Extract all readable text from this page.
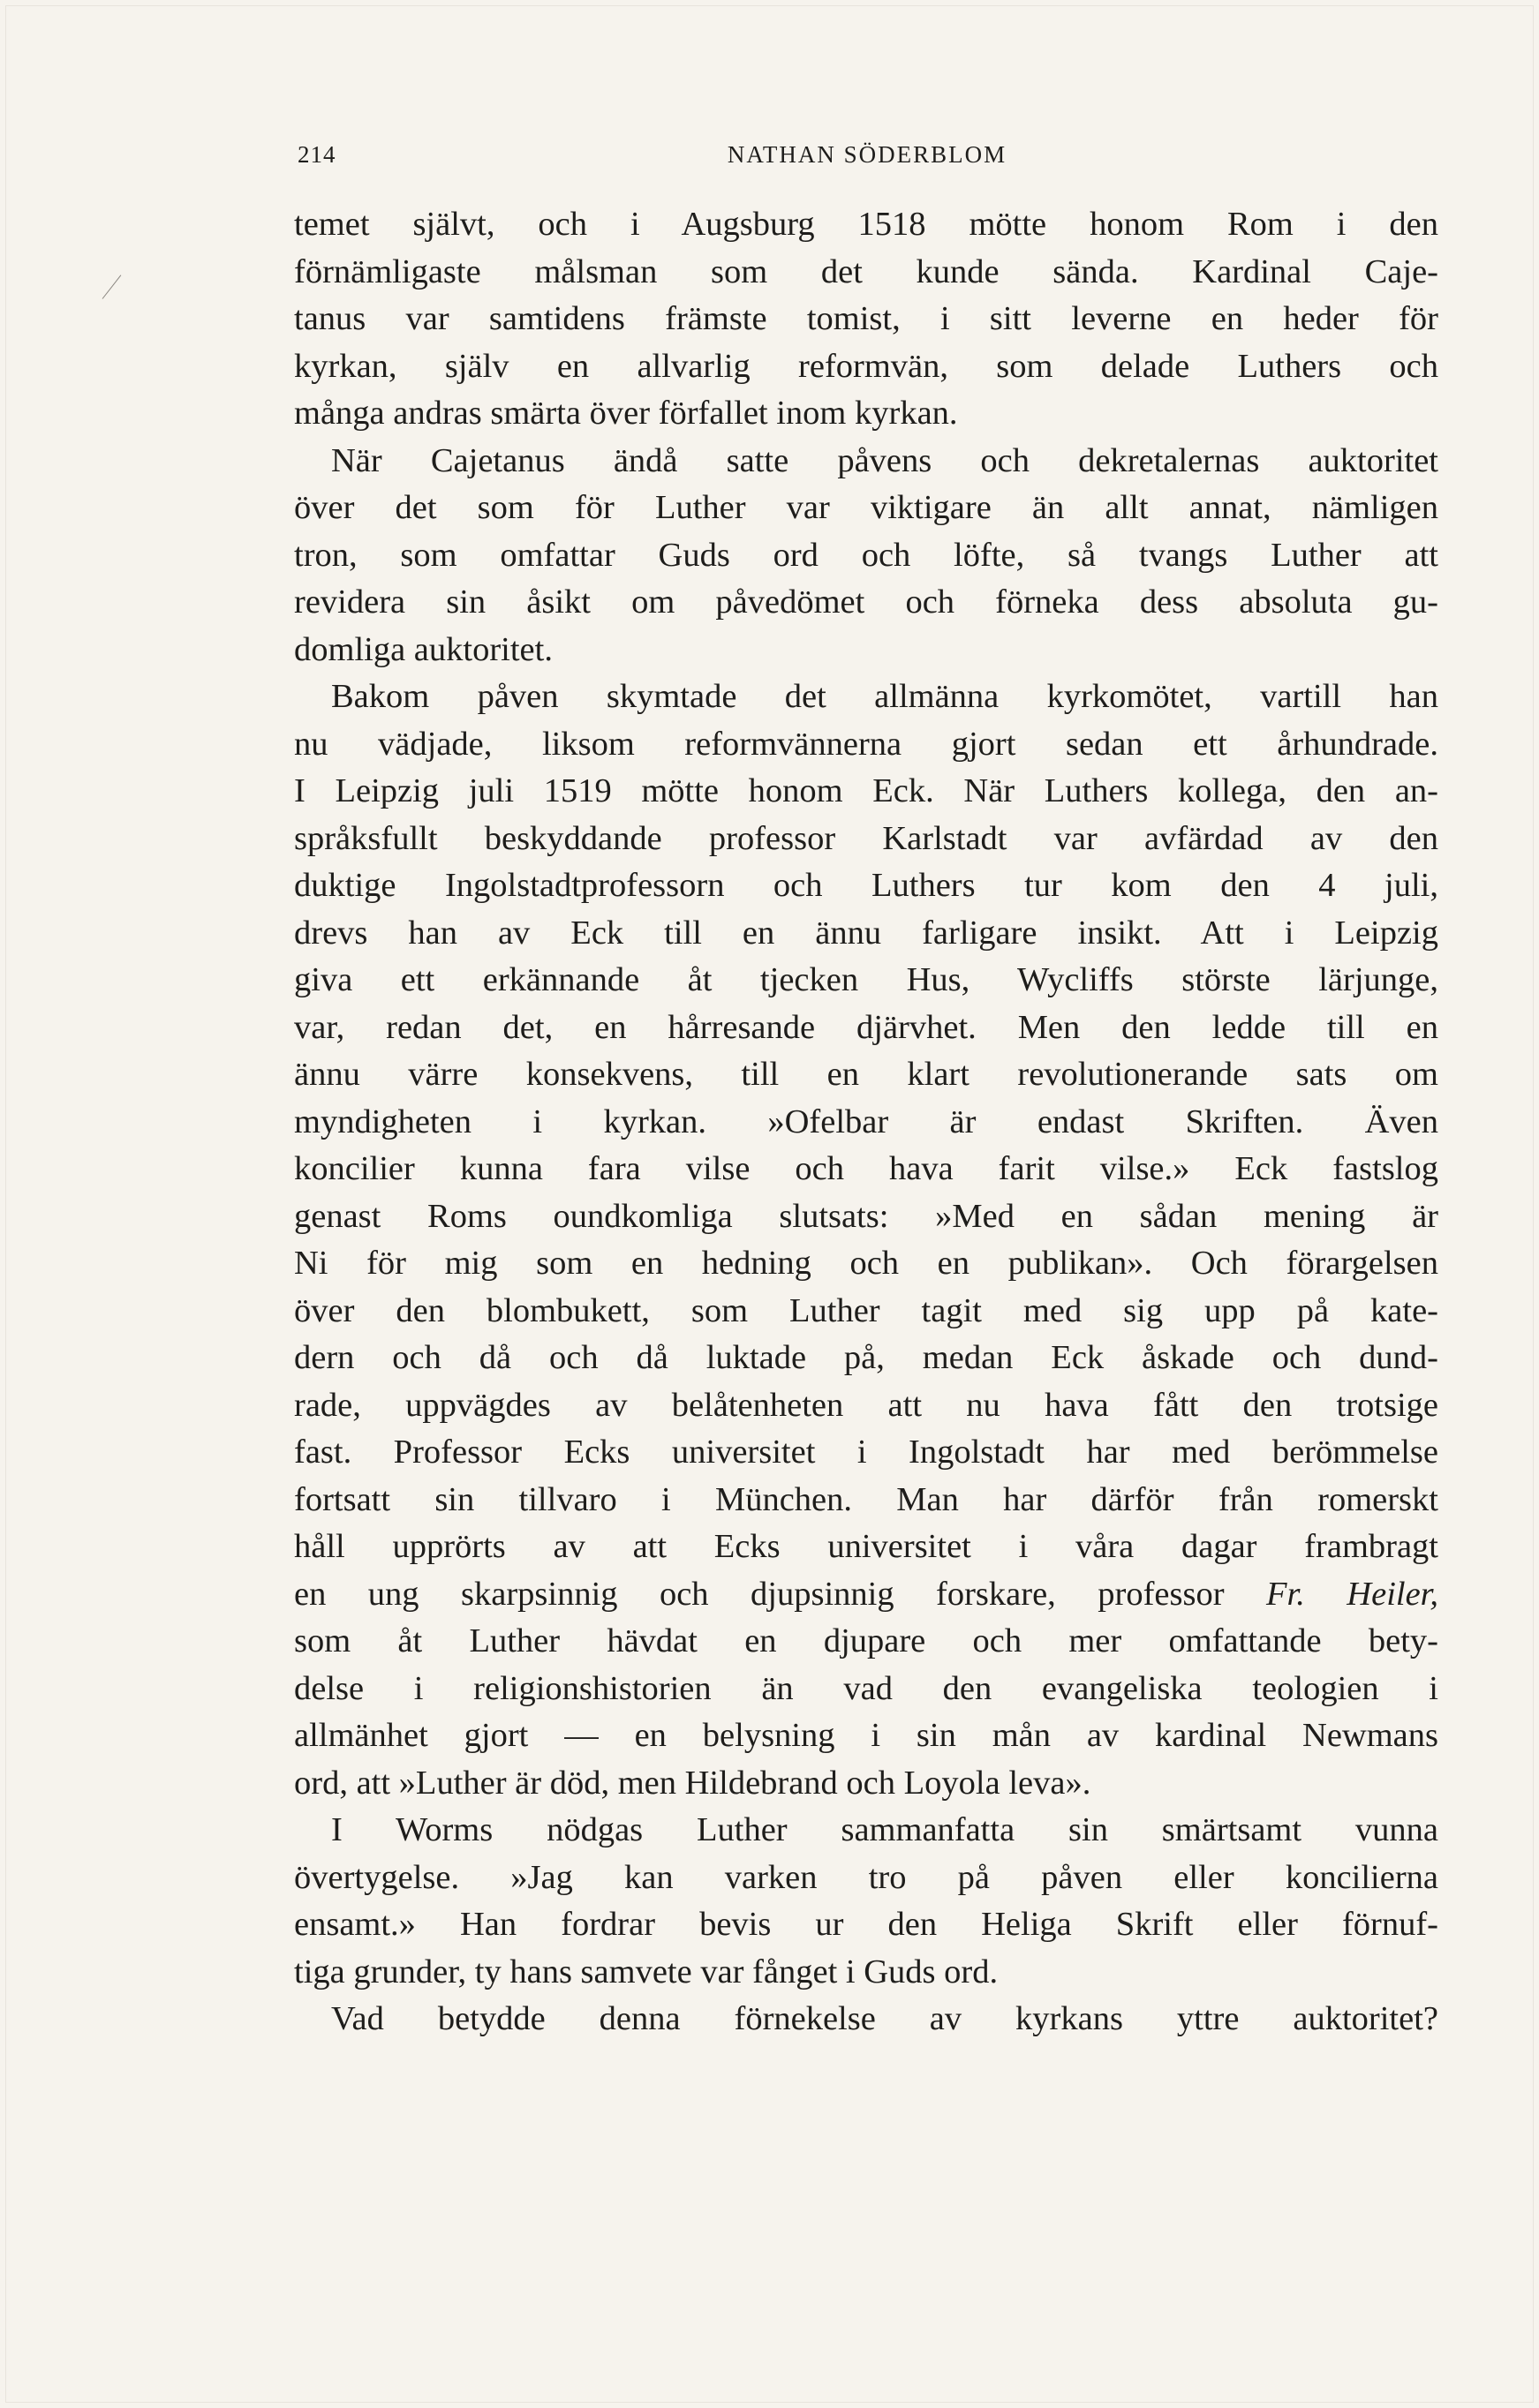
214	NATHAN SÖDERBLOM

temet självt, och i Augsburg 1518 mötte honom Rom i den

förnämligaste målsman som det kunde sända. Kardinal Caje-

tanus var samtidens främste tomist, i sitt leverne en heder för

kyrkan, själv en allvarlig reformvän, som delade Luthers och

många andras smärta över förfallet inom kyrkan.

När Cajetanus ändå satte påvens och dekretalernas auktoritet

över det som för Luther var viktigare än allt annat, nämligen

tron, som omfattar Guds ord och löfte, så tvangs Luther att

revidera sin åsikt om påvedömet och förneka dess absoluta gu-

domliga auktoritet.

Bakom påven skymtade det allmänna kyrkomötet, vartill han

nu vädjade, liksom reformvännerna gjort sedan ett århundrade.

I Leipzig juli 1519 mötte honom Eck. När Luthers kollega, den an-

språksfullt beskyddande professor Karlstadt var avfärdad av den

duktige Ingolstadtprofessorn och Luthers tur kom den 4 juli,

drevs han av Eck till en ännu farligare insikt. Att i Leipzig

giva ett erkännande åt tjecken Hus, Wycliffs störste lärjunge,

var, redan det, en hårresande djärvhet. Men den ledde till en

ännu värre konsekvens, till en klart revolutionerande sats om

myndigheten i kyrkan. »Ofelbar är endast Skriften. Även

koncilier kunna fara vilse och hava farit vilse.» Eck fastslog

genast Roms oundkomliga slutsats: »Med en sådan mening är

Ni för mig som en hedning och en publikan». Och förargelsen

över den blombukett, som Luther tagit med sig upp på kate-

dern och då och då luktade på, medan Eck åskade och dund-

rade, uppvägdes av belåtenheten att nu hava fått den trotsige

fast. Professor Ecks universitet i Ingolstadt har med berömmelse

fortsatt sin tillvaro i München. Man har därför från romerskt

håll upprörts av att Ecks universitet i våra dagar frambragt

en ung skarpsinnig och djupsinnig forskare, professor Fr. Heiler,

som åt Luther hävdat en djupare och mer omfattande bety-

delse i religionshistorien än vad den evangeliska teologien i

allmänhet gjort — en belysning i sin mån av kardinal Newmans

ord, att »Luther är död, men Hildebrand och Loyola leva».

I Worms nödgas Luther sammanfatta sin smärtsamt vunna

övertygelse. »Jag kan varken tro på påven eller koncilierna

ensamt.» Han fordrar bevis ur den Heliga Skrift eller förnuf-

tiga grunder, ty hans samvete var fånget i Guds ord.

Vad betydde denna förnekelse av kyrkans yttre auktoritet?
